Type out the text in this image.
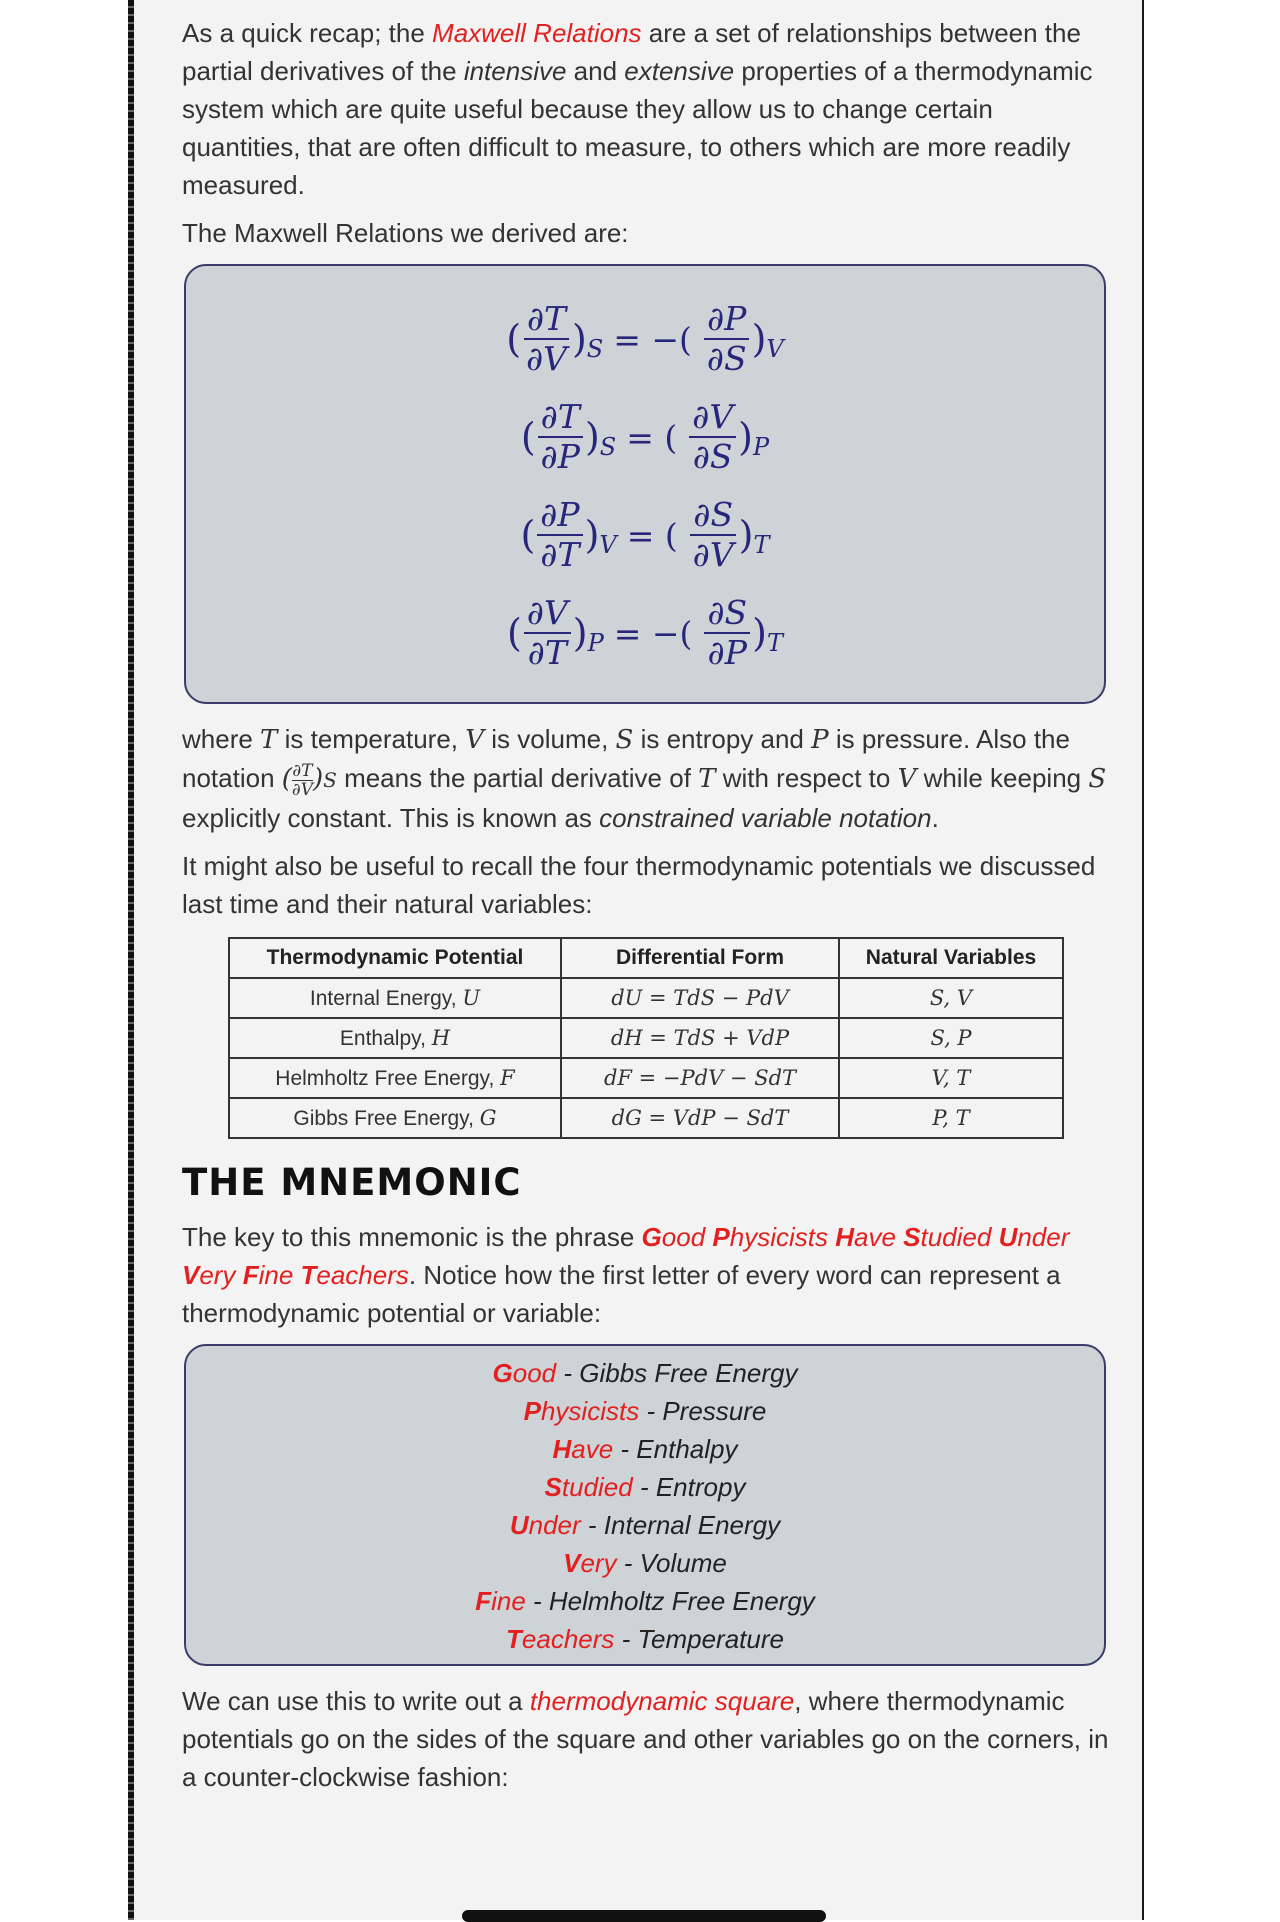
As a quick recap; the Maxwell Relations are a set of relationships between the partial derivatives of the intensive and extensive properties of a thermodynamic system which are quite useful because they allow us to change certain quantities, that are often difficult to measure, to others which are more readily measured.

The Maxwell Relations we derived are:

( $\frac{\partial T}{\partial V}$ ) S = −( $\frac{\partial P}{\partial S}$ ) V
( $\frac{\partial T}{\partial P}$ ) S = ( $\frac{\partial V}{\partial S}$ ) P
( $\frac{\partial P}{\partial T}$ ) V = ( $\frac{\partial S}{\partial V}$ ) T
( $\frac{\partial V}{\partial T}$ ) P = −( $\frac{\partial S}{\partial P}$ ) T

where T is temperature, V is volume, S is entropy and P is pressure. Also the notation ( $\frac{\partial T}{\partial V} )S$ means the partial derivative of T with respect to V while keeping S explicitly constant. This is known as constrained variable notation.

It might also be useful to recall the four thermodynamic potentials we discussed last time and their natural variables:

Thermodynamic Potential	Differential Form	Natural Variables
Internal Energy, U	dU = TdS − PdV	S, V
Enthalpy, H	dH = TdS + VdP	S, P
Helmholtz Free Energy, F	dF = −PdV − SdT	V, T
Gibbs Free Energy, G	dG = VdP − SdT	P, T
THE MNEMONIC

The key to this mnemonic is the phrase Good Physicists Have Studied Under Very Fine Teachers. Notice how the first letter of every word can represent a thermodynamic potential or variable:

Good - Gibbs Free Energy
Physicists - Pressure
Have - Enthalpy
Studied - Entropy
Under - Internal Energy
Very - Volume
Fine - Helmholtz Free Energy
Teachers - Temperature

We can use this to write out a thermodynamic square, where thermodynamic potentials go on the sides of the square and other variables go on the corners, in a counter-clockwise fashion:
